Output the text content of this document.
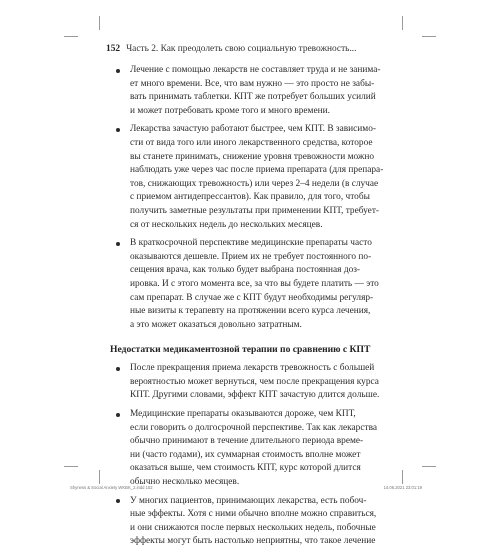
152 Часть 2. Как преодолеть свою социальную тревожность...
Лечение с помощью лекарств не составляет труда и не занима-
ет много времени. Все, что вам нужно — это просто не забы-
вать принимать таблетки. КПТ же потребует больших усилий
и может потребовать кроме того и много времени.
Лекарства зачастую работают быстрее, чем КПТ. В зависимо-
сти от вида того или иного лекарственного средства, которое
вы станете принимать, снижение уровня тревожности можно
наблюдать уже через час после приема препарата (для препара-
тов, снижающих тревожность) или через 2–4 недели (в случае
с приемом антидепрессантов). Как правило, для того, чтобы
получить заметные результаты при применении КПТ, требует-
ся от нескольких недель до нескольких месяцев.
В краткосрочной перспективе медицинские препараты часто
оказываются дешевле. Прием их не требует постоянного по-
сещения врача, как только будет выбрана постоянная доз-
ировка. И с этого момента все, за что вы будете платить — это
сам препарат. В случае же с КПТ будут необходимы регуляр-
ные визиты к терапевту на протяжении всего курса лечения,
а это может оказаться довольно затратным.
Недостатки медикаментозной терапии по сравнению с КПТ
После прекращения приема лекарств тревожность с большей
вероятностью может вернуться, чем после прекращения курса
КПТ. Другими словами, эффект КПТ зачастую длится дольше.
Медицинские препараты оказываются дороже, чем КПТ,
если говорить о долгосрочной перспективе. Так как лекарства
обычно принимают в течение длительного периода време-
ни (часто годами), их суммарная стоимость вполне может
оказаться выше, чем стоимость КПТ, курс которой длится
обычно несколько месяцев.
У многих пациентов, принимающих лекарства, есть побоч-
ные эффекты. Хотя с ними обычно вполне можно справиться,
и они снижаются после первых нескольких недель, побочные
эффекты могут быть настолько неприятны, что такое лечение
Shyness & Social Anxiety WKBK_2.indd 152	14.06.2021 23:01:19
